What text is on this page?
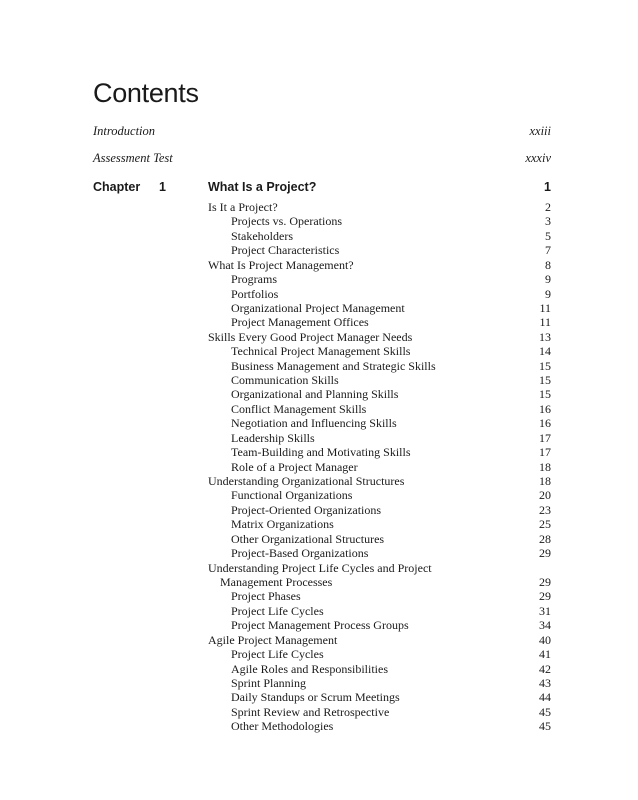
Contents
Introduction	xxiii
Assessment Test	xxxiv
Chapter 1	What Is a Project?	1
Is It a Project?	2
Projects vs. Operations	3
Stakeholders	5
Project Characteristics	7
What Is Project Management?	8
Programs	9
Portfolios	9
Organizational Project Management	11
Project Management Offices	11
Skills Every Good Project Manager Needs	13
Technical Project Management Skills	14
Business Management and Strategic Skills	15
Communication Skills	15
Organizational and Planning Skills	15
Conflict Management Skills	16
Negotiation and Influencing Skills	16
Leadership Skills	17
Team-Building and Motivating Skills	17
Role of a Project Manager	18
Understanding Organizational Structures	18
Functional Organizations	20
Project-Oriented Organizations	23
Matrix Organizations	25
Other Organizational Structures	28
Project-Based Organizations	29
Understanding Project Life Cycles and Project
Management Processes	29
Project Phases	29
Project Life Cycles	31
Project Management Process Groups	34
Agile Project Management	40
Project Life Cycles	41
Agile Roles and Responsibilities	42
Sprint Planning	43
Daily Standups or Scrum Meetings	44
Sprint Review and Retrospective	45
Other Methodologies	45
